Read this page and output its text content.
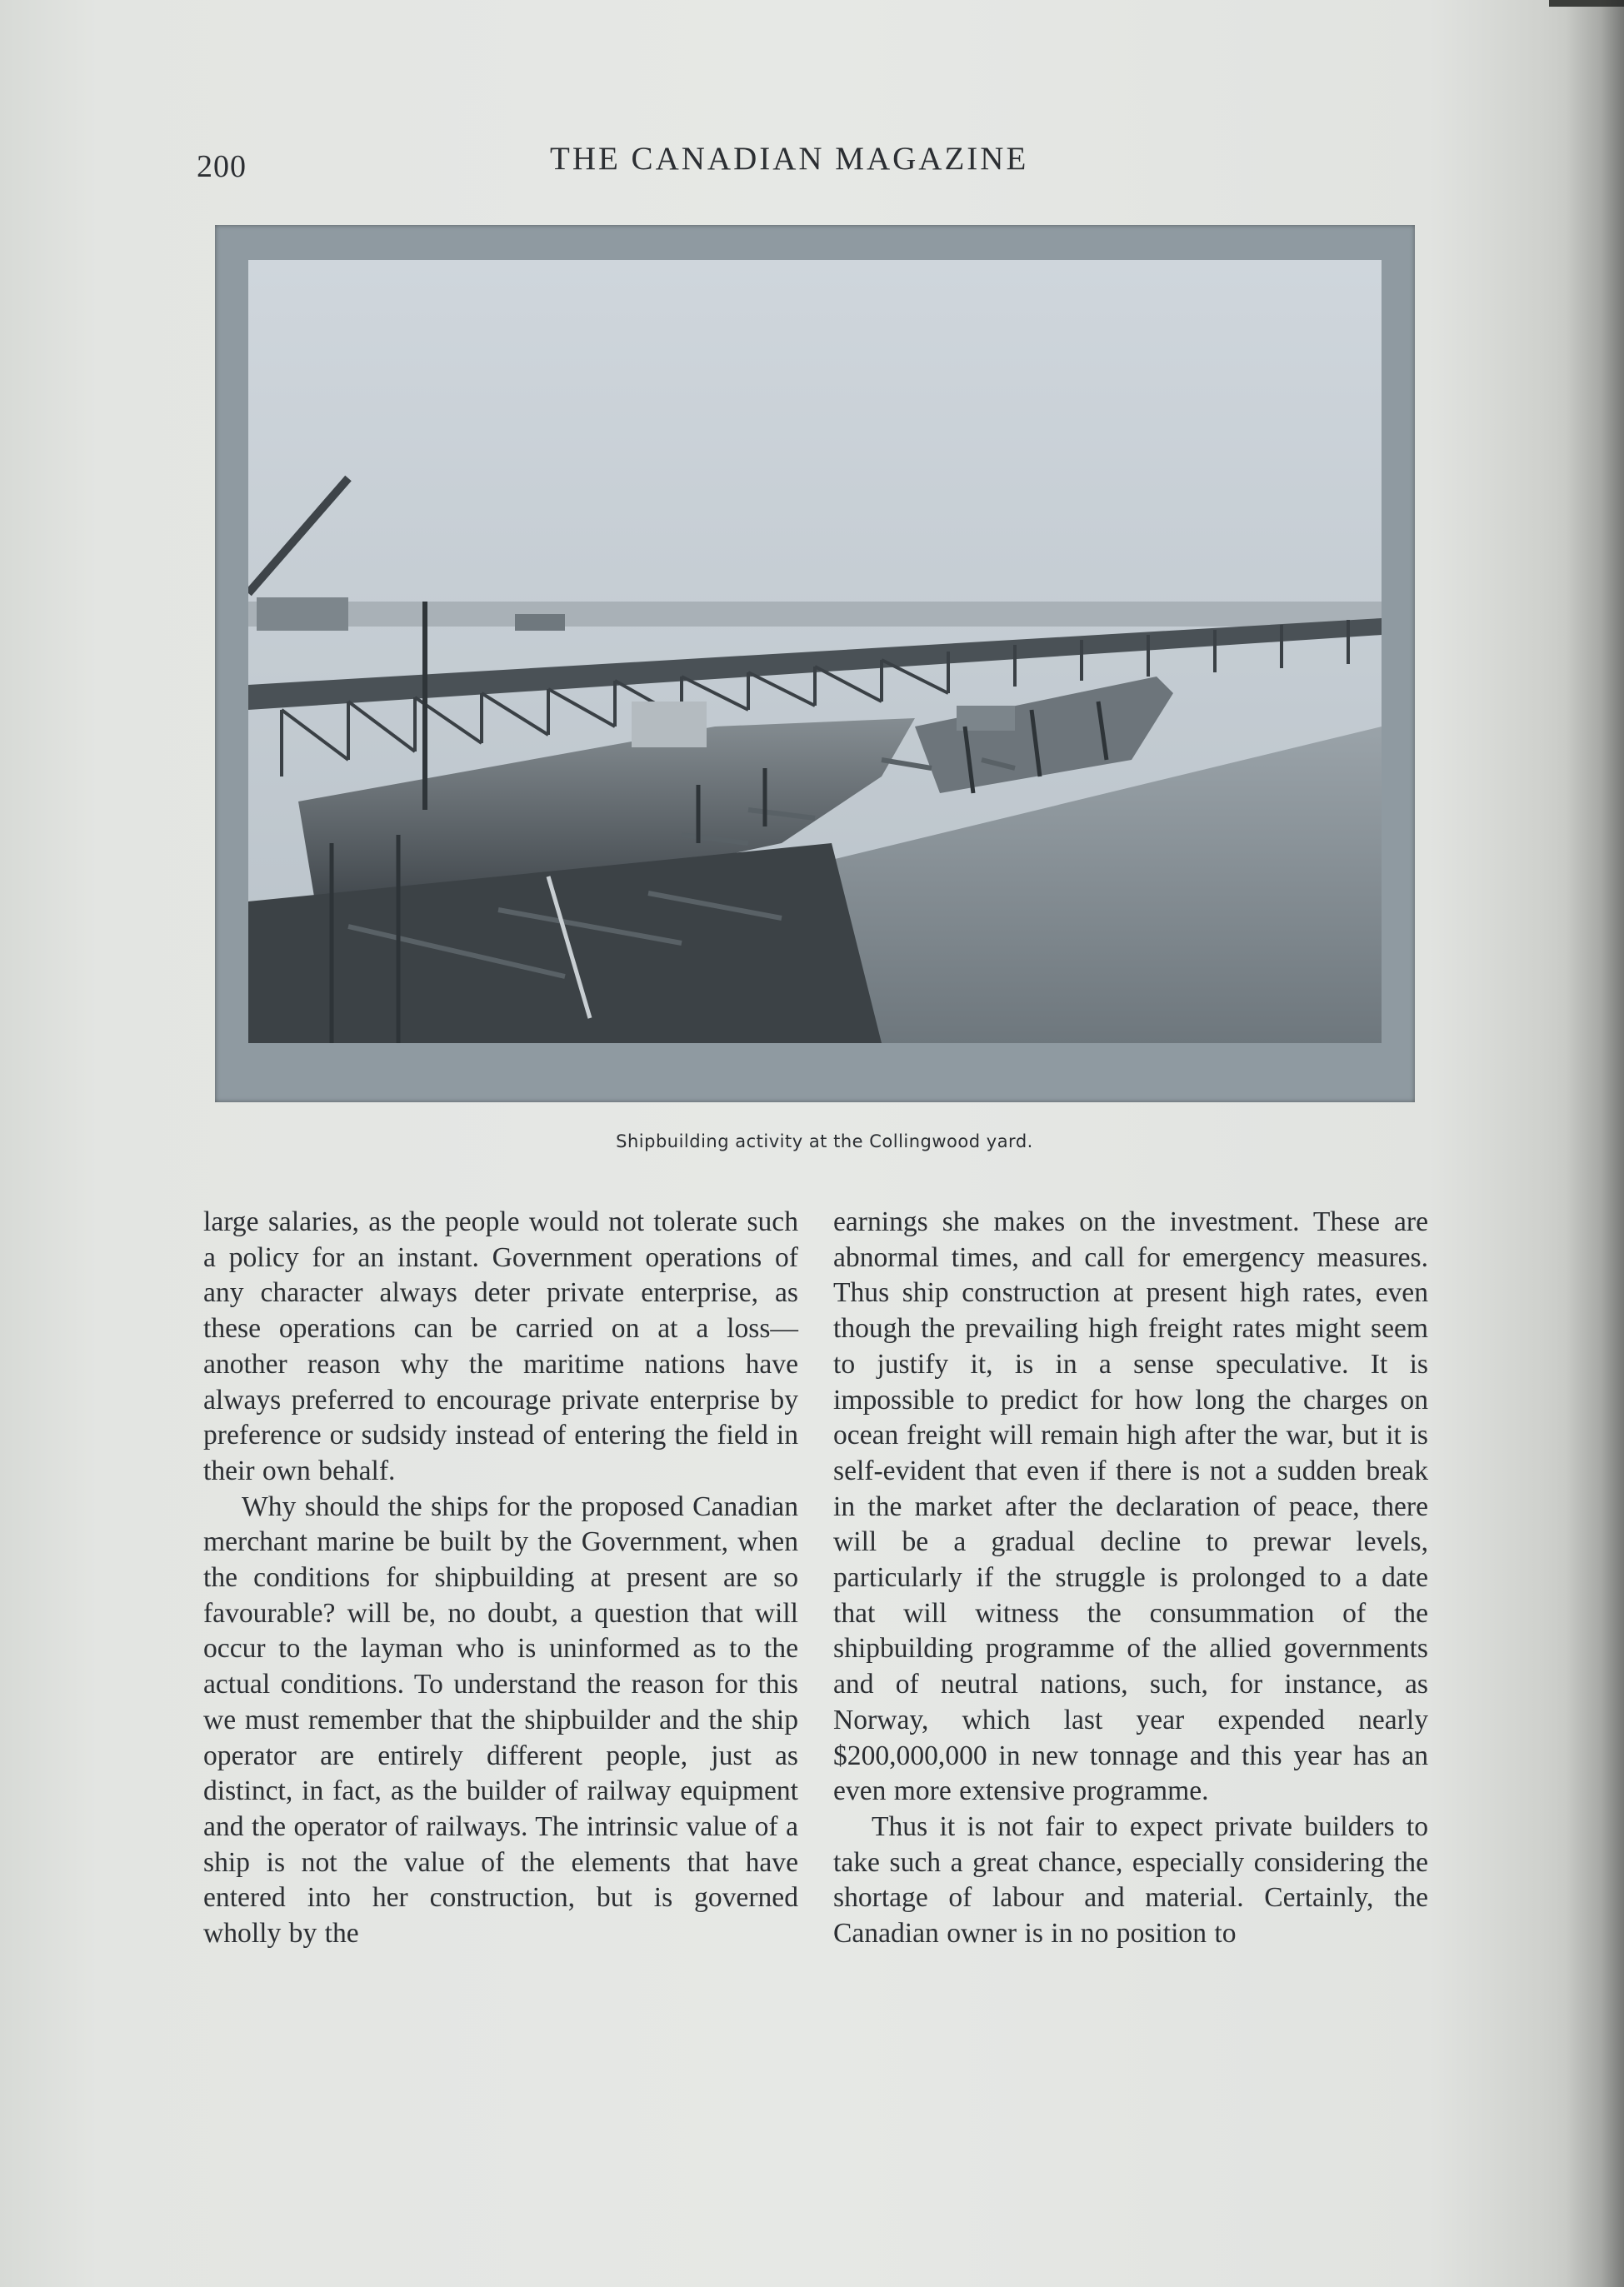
200	THE CANADIAN MAGAZINE
Shipbuilding activity at the Collingwood yard.

large salaries, as the people would not tolerate such a policy for an instant. Government operations of any character always deter private enterprise, as these operations can be carried on at a loss—another reason why the maritime nations have always preferred to encourage private enterprise by preference or sudsidy instead of entering the field in their own behalf.

Why should the ships for the proposed Canadian merchant marine be built by the Government, when the conditions for shipbuilding at present are so favourable? will be, no doubt, a question that will occur to the layman who is uninformed as to the actual conditions. To understand the reason for this we must remember that the shipbuilder and the ship operator are entirely different people, just as distinct, in fact, as the builder of railway equipment and the operator of railways. The intrinsic value of a ship is not the value of the elements that have entered into her construction, but is governed wholly by the

earnings she makes on the investment. These are abnormal times, and call for emergency measures. Thus ship construction at present high rates, even though the prevailing high freight rates might seem to justify it, is in a sense speculative. It is impossible to predict for how long the charges on ocean freight will remain high after the war, but it is self-evident that even if there is not a sudden break in the market after the declaration of peace, there will be a gradual decline to prewar levels, particularly if the struggle is prolonged to a date that will witness the consummation of the shipbuilding programme of the allied governments and of neutral nations, such, for instance, as Norway, which last year expended nearly $200,000,000 in new tonnage and this year has an even more extensive programme.

Thus it is not fair to expect private builders to take such a great chance, especially considering the shortage of labour and material. Certainly, the Canadian owner is in no position to
